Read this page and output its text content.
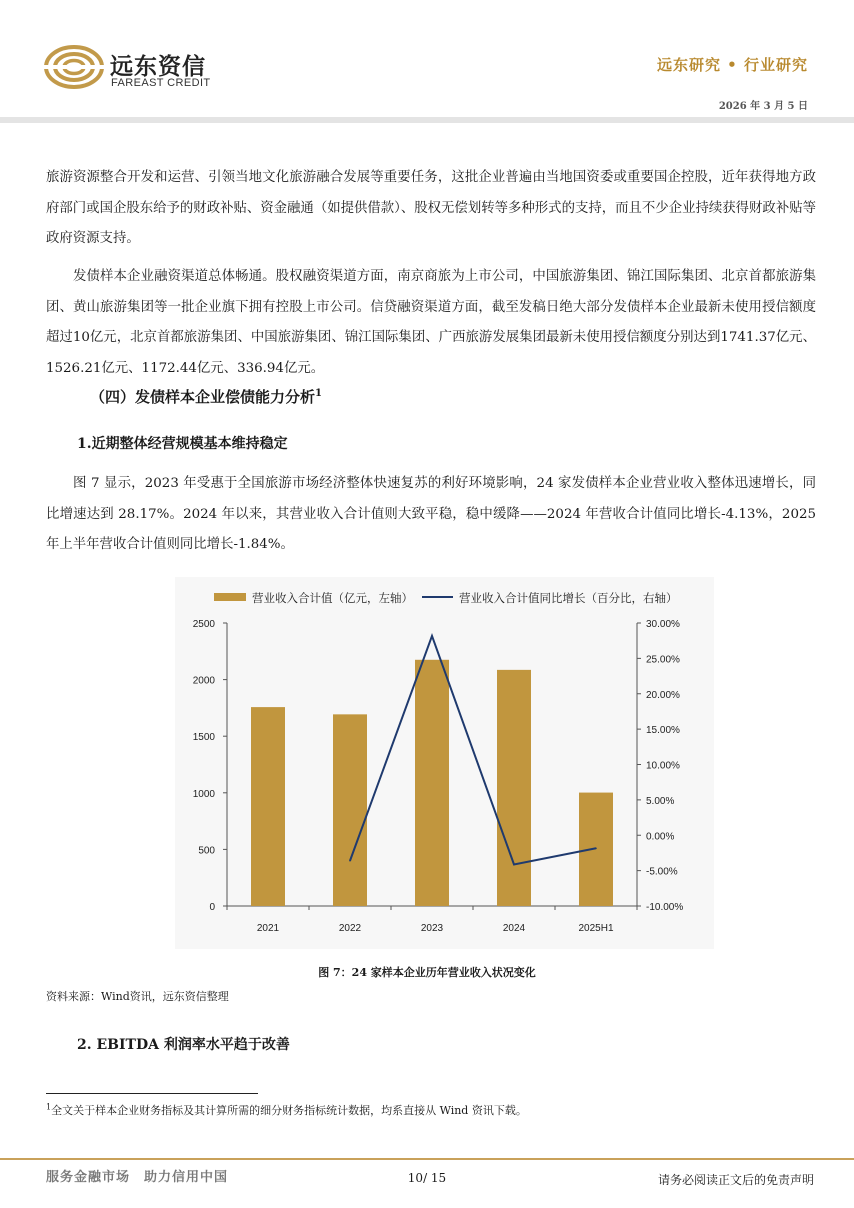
远东资信
FAREAST CREDIT
远东研究 • 行业研究
2026 年 3 月 5 日
旅游资源整合开发和运营、引领当地文化旅游融合发展等重要任务，这批企业普遍由当地国资委或重要国企控股，近年获得地方政府部门或国企股东给予的财政补贴、资金融通（如提供借款）、股权无偿划转等多种形式的支持，而且不少企业持续获得财政补贴等政府资源支持。
发债样本企业融资渠道总体畅通。股权融资渠道方面，南京商旅为上市公司，中国旅游集团、锦江国际集团、北京首都旅游集团、黄山旅游集团等一批企业旗下拥有控股上市公司。信贷融资渠道方面，截至发稿日绝大部分发债样本企业最新未使用授信额度超过10亿元，北京首都旅游集团、中国旅游集团、锦江国际集团、广西旅游发展集团最新未使用授信额度分别达到1741.37亿元、1526.21亿元、1172.44亿元、336.94亿元。
（四）发债样本企业偿债能力分析$^1$
1.近期整体经营规模基本维持稳定
图 7 显示，2023 年受惠于全国旅游市场经济整体快速复苏的利好环境影响，24 家发债样本企业营业收入整体迅速增长，同比增速达到 28.17%。2024 年以来，其营业收入合计值则大致平稳，稳中缓降——2024 年营收合计值同比增长-4.13%，2025 年上半年营收合计值则同比增长-1.84%。
营业收入合计值（亿元，左轴）	营业收入合计值同比增长（百分比，右轴）
0
500
1000
1500
2000
2500
-10.00%
-5.00%
0.00%
5.00%
10.00%
15.00%
20.00%
25.00%
30.00%
2021	2022	2023	2024	2025H1
图 7：24 家样本企业历年营业收入状况变化
资料来源：Wind资讯，远东资信整理
2. EBITDA 利润率水平趋于改善
$^1$全文关于样本企业财务指标及其计算所需的细分财务指标统计数据，均系直接从 Wind 资讯下载。
服务金融市场　助力信用中国	10/ 15	请务必阅读正文后的免责声明
